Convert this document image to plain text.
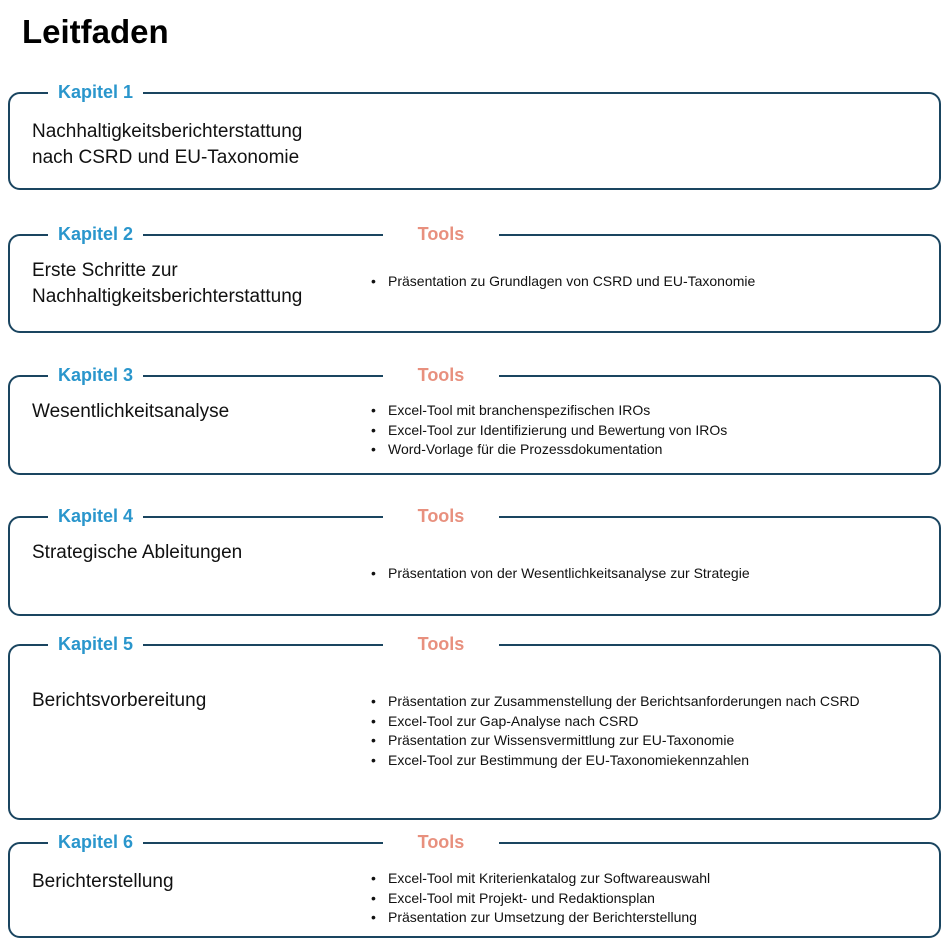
Leitfaden
Kapitel 1
Nachhaltigkeitsberichterstattung
nach CSRD und EU-Taxonomie
Kapitel 2	Tools
Erste Schritte zur
Nachhaltigkeitsberichterstattung
• Präsentation zu Grundlagen von CSRD und EU-Taxonomie
Kapitel 3	Tools
Wesentlichkeitsanalyse	• Excel-Tool mit branchenspezifischen IROs
• Excel-Tool zur Identifizierung und Bewertung von IROs
• Word-Vorlage für die Prozessdokumentation
Kapitel 4	Tools
Strategische Ableitungen
• Präsentation von der Wesentlichkeitsanalyse zur Strategie
Kapitel 5	Tools
Berichtsvorbereitung	• Präsentation zur Zusammenstellung der Berichtsanforderungen nach CSRD
• Excel-Tool zur Gap-Analyse nach CSRD
• Präsentation zur Wissensvermittlung zur EU-Taxonomie
• Excel-Tool zur Bestimmung der EU-Taxonomiekennzahlen
Kapitel 6	Tools
Berichterstellung	• Excel-Tool mit Kriterienkatalog zur Softwareauswahl
• Excel-Tool mit Projekt- und Redaktionsplan
• Präsentation zur Umsetzung der Berichterstellung
